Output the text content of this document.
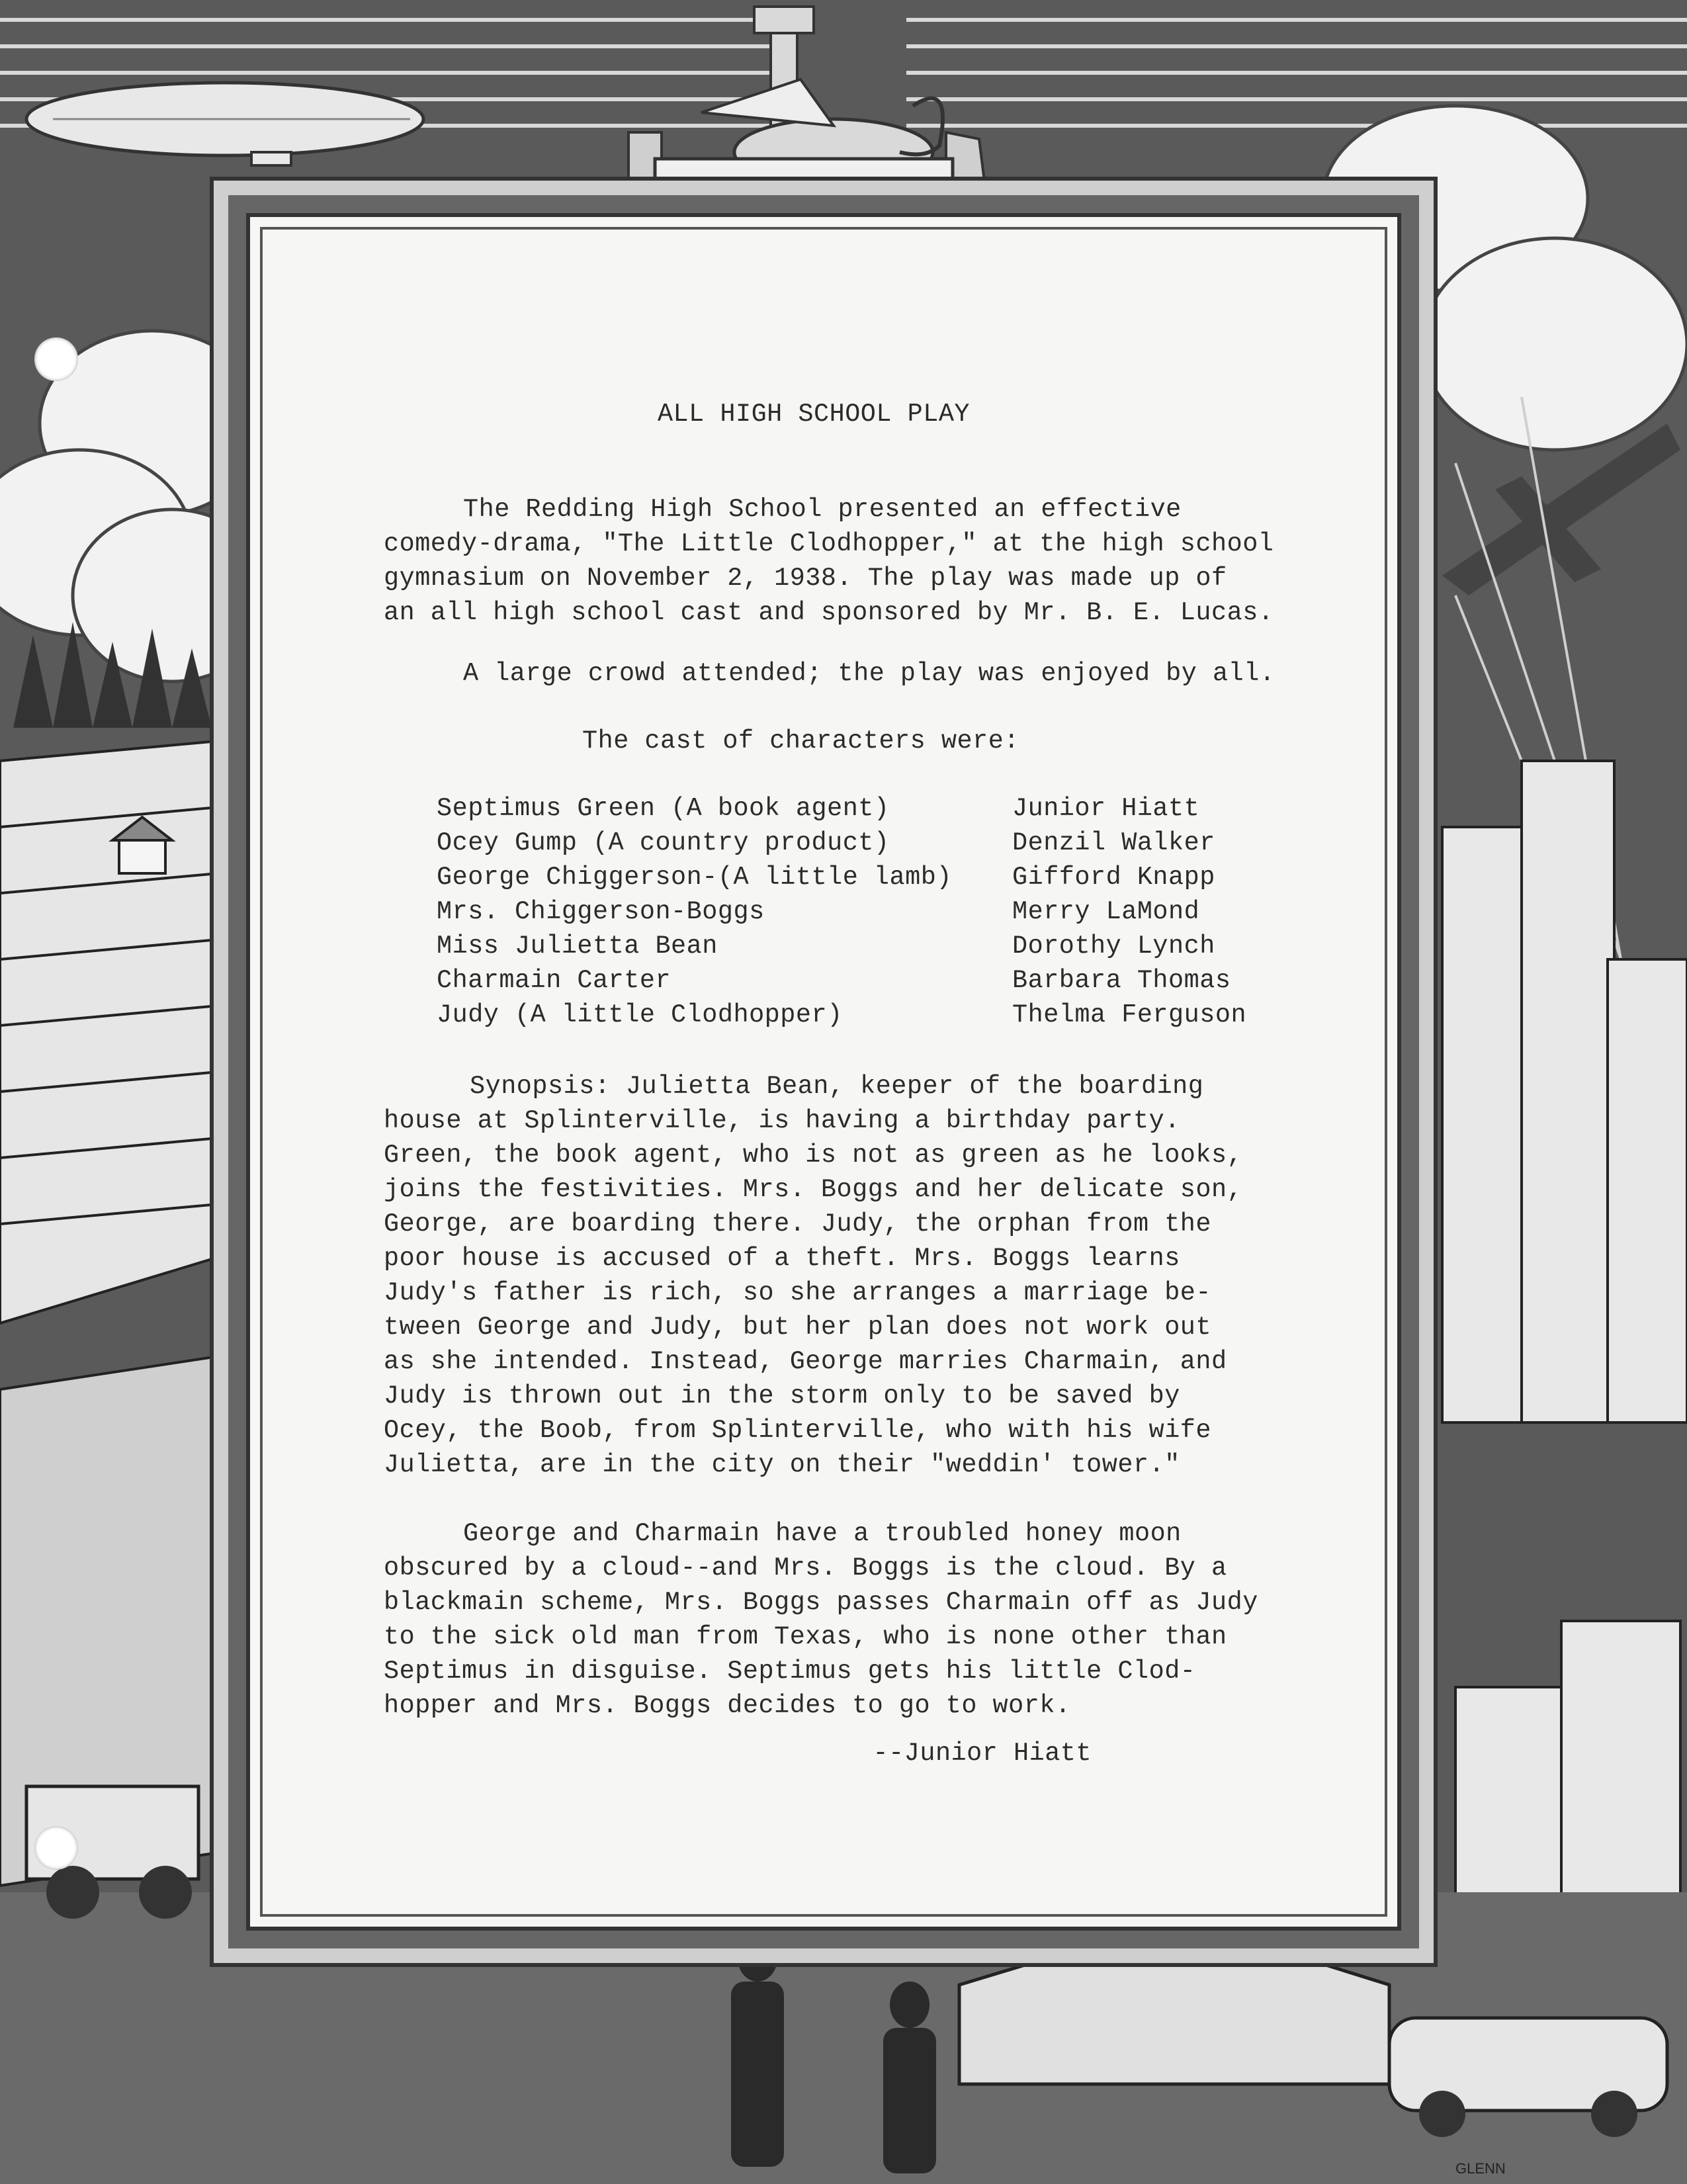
GLENN
ALL HIGH SCHOOL PLAY

The Redding High School presented an effective
comedy-drama, "The Little Clodhopper," at the high school
gymnasium on November 2, 1938. The play was made up of
an all high school cast and sponsored by Mr. B. E. Lucas.

A large crowd attended; the play was enjoyed by all.

The cast of characters were:

Septimus Green (A book agent)	Junior Hiatt
Ocey Gump (A country product)	Denzil Walker
George Chiggerson-(A little lamb)	Gifford Knapp
Mrs. Chiggerson-Boggs	Merry LaMond
Miss Julietta Bean	Dorothy Lynch
Charmain Carter	Barbara Thomas
Judy (A little Clodhopper)	Thelma Ferguson

Synopsis: Julietta Bean, keeper of the boarding
house at Splinterville, is having a birthday party.
Green, the book agent, who is not as green as he looks,
joins the festivities. Mrs. Boggs and her delicate son,
George, are boarding there. Judy, the orphan from the
poor house is accused of a theft. Mrs. Boggs learns
Judy's father is rich, so she arranges a marriage be-
tween George and Judy, but her plan does not work out
as she intended. Instead, George marries Charmain, and
Judy is thrown out in the storm only to be saved by
Ocey, the Boob, from Splinterville, who with his wife
Julietta, are in the city on their "weddin' tower."

George and Charmain have a troubled honey moon
obscured by a cloud--and Mrs. Boggs is the cloud. By a
blackmain scheme, Mrs. Boggs passes Charmain off as Judy
to the sick old man from Texas, who is none other than
Septimus in disguise. Septimus gets his little Clod-
hopper and Mrs. Boggs decides to go to work.

--Junior Hiatt
